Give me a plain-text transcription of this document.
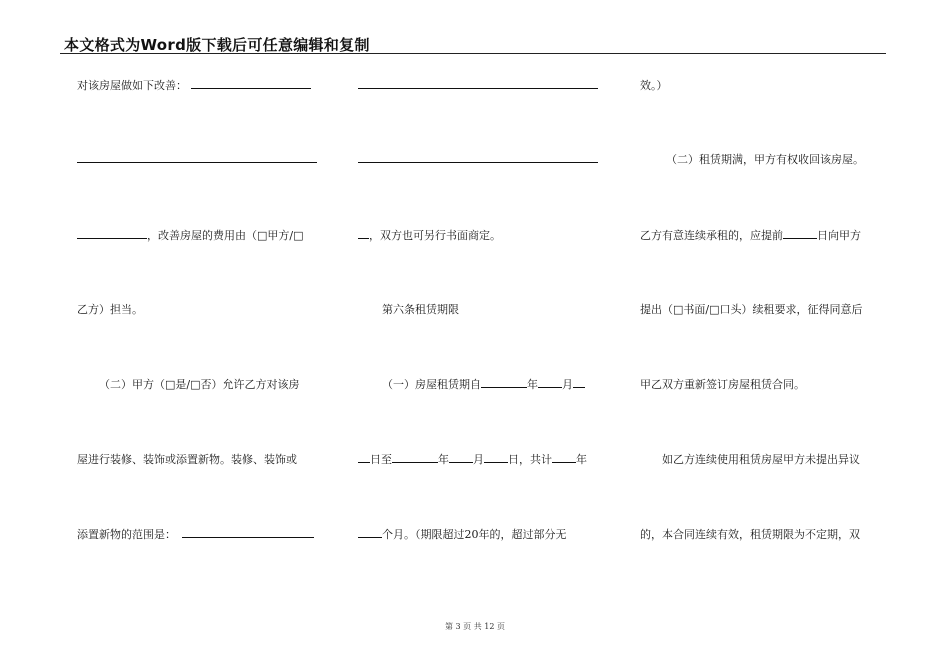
本文格式为Word版下载后可任意编辑和复制
对该房屋做如下改善：
，改善房屋的费用由（□甲方/□
乙方）担当。
（二）甲方（□是/□否）允许乙方对该房
屋进行装修、装饰或添置新物。装修、装饰或
添置新物的范围是：
，双方也可另行书面商定。
第六条租赁期限
（一）房屋租赁期自	年 月
日至	年 月 日，共计 年
个月。（期限超过20年的，超过部分无
效。）
（二）租赁期满，甲方有权收回该房屋。
乙方有意连续承租的，应提前	日向甲方
提出（□书面/□口头）续租要求，征得同意后
甲乙双方重新签订房屋租赁合同。
如乙方连续使用租赁房屋甲方未提出异议
的，本合同连续有效，租赁期限为不定期，双
第 3 页 共 12 页
